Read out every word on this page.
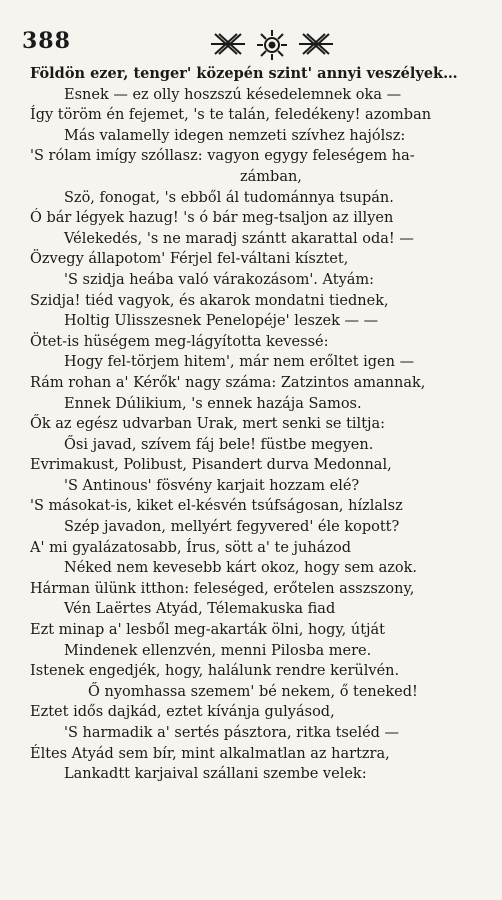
388
Földön ezer, tenger' közepén szint' annyi veszélyek…
Esnek — ez olly hoszszú késedelemnek oka —
Így töröm én fejemet, 's te talán, feledékeny! azomban
Más valamelly idegen nemzeti szívhez hajólsz:
'S rólam imígy szóllasz: vagyon egygy feleségem ha-
zámban,
Szö, fonogat, 's ebből ál tudománnya tsupán.
Ó bár légyek hazug! 's ó bár meg-tsaljon az illyen
Vélekedés, 's ne maradj szántt akarattal oda! —
Özvegy állapotom' Férjel fel-váltani kísztet,
'S szidja heába való várakozásom'. Atyám:
Szidja! tiéd vagyok, és akarok mondatni tiednek,
Holtig Ulisszesnek Penelopéje' leszek — —
Ötet-is hüségem meg-lágyította kevessé:
Hogy fel-törjem hitem', már nem erőltet igen —
Rám rohan a' Kérők' nagy száma: Zatzintos amannak,
Ennek Dúlikium, 's ennek hazája Samos.
Ők az egész udvarban Urak, mert senki se tiltja:
Ősi javad, szívem fáj bele! füstbe megyen.
Evrimakust, Polibust, Pisandert durva Medonnal,
'S Antinous' fösvény karjait hozzam elé?
'S másokat-is, kiket el-késvén tsúfságosan, hízlalsz
Szép javadon, mellyért fegyvered' éle kopott?
A' mi gyalázatosabb, Írus, sött a' te juházod
Néked nem kevesebb kárt okoz, hogy sem azok.
Hárman ülünk itthon: feleséged, erőtelen asszszony,
Vén Laërtes Atyád, Télemakuska fiad
Ezt minap a' lesből meg-akarták ölni, hogy, útját
Mindenek ellenzvén, menni Pilosba mere.
Istenek engedjék, hogy, halálunk rendre kerülvén.
Ő nyomhassa szemem' bé nekem, ő teneked!
Eztet idős dajkád, eztet kívánja gulyásod,
'S harmadik a' sertés pásztora, ritka tseléd —
Éltes Atyád sem bír, mint alkalmatlan az hartzra,
Lankadtt karjaival szállani szembe velek:
